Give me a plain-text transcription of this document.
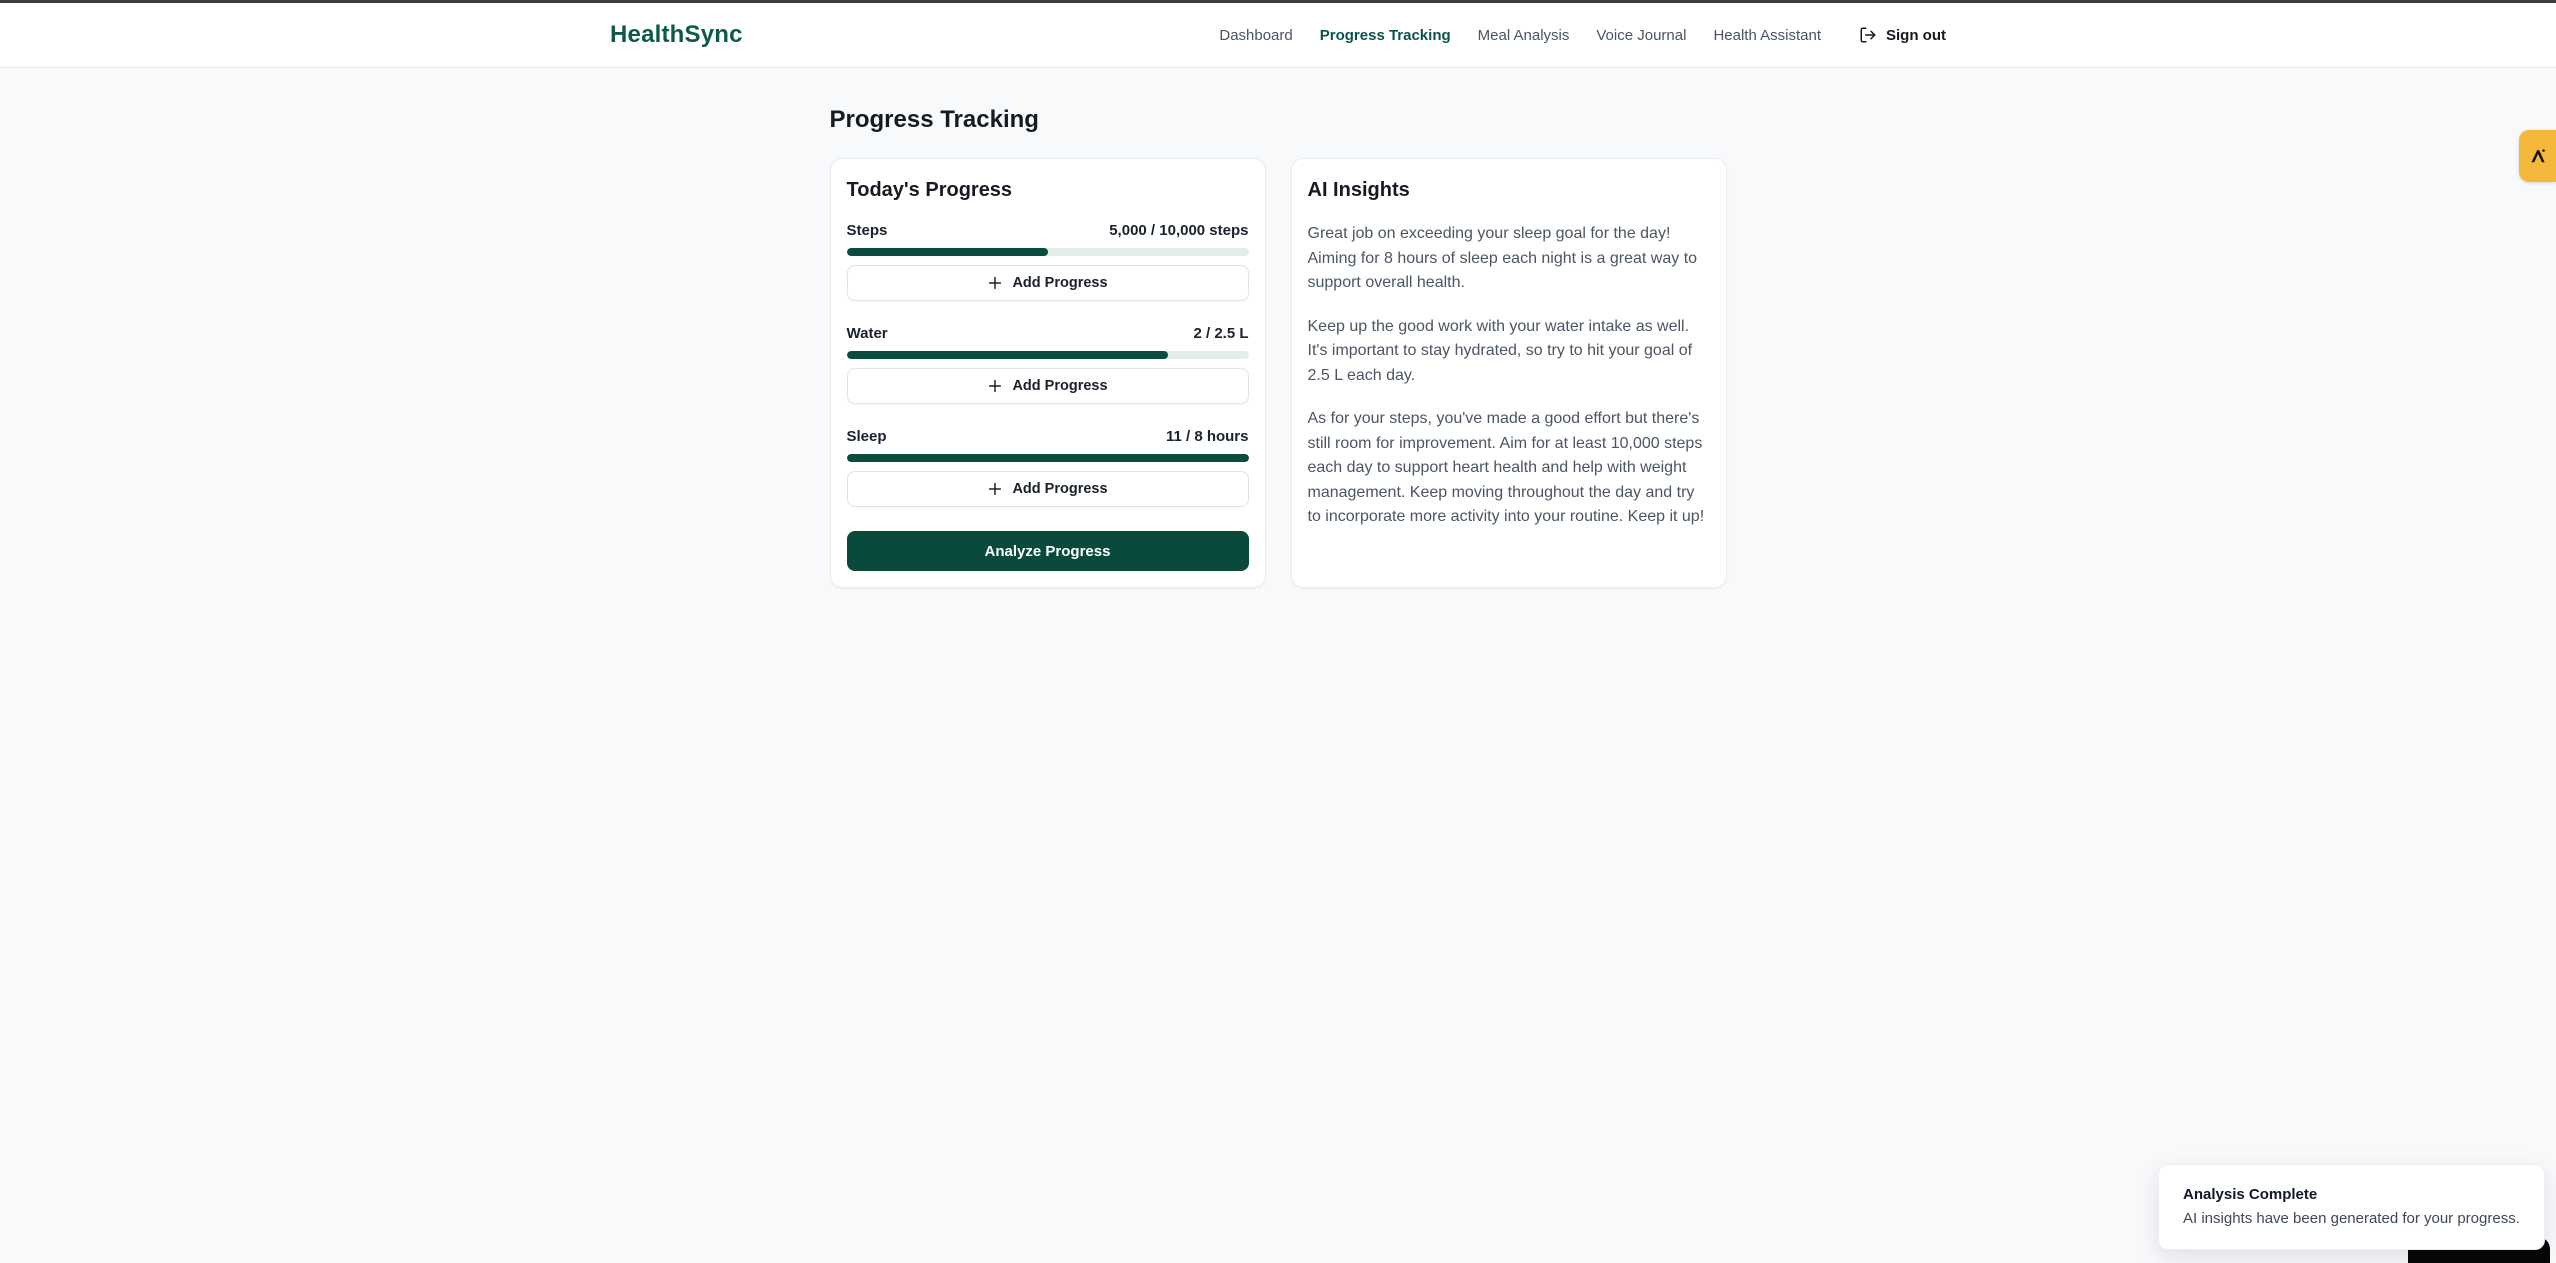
HealthSync	Dashboard Progress Tracking Meal Analysis Voice Journal Health Assistant	Sign out
Progress Tracking
Today's Progress
Steps	5,000 / 10,000 steps
Add Progress
Water	2 / 2.5 L
Add Progress
Sleep	11 / 8 hours
Add Progress
Analyze Progress
AI Insights

Great job on exceeding your sleep goal for the day! Aiming for 8 hours of sleep each night is a great way to support overall health.

Keep up the good work with your water intake as well. It's important to stay hydrated, so try to hit your goal of 2.5 L each day.

As for your steps, you've made a good effort but there's still room for improvement. Aim for at least 10,000 steps each day to support heart health and help with weight management. Keep moving throughout the day and try to incorporate more activity into your routine. Keep it up!

Analysis Complete
AI insights have been generated for your progress.
